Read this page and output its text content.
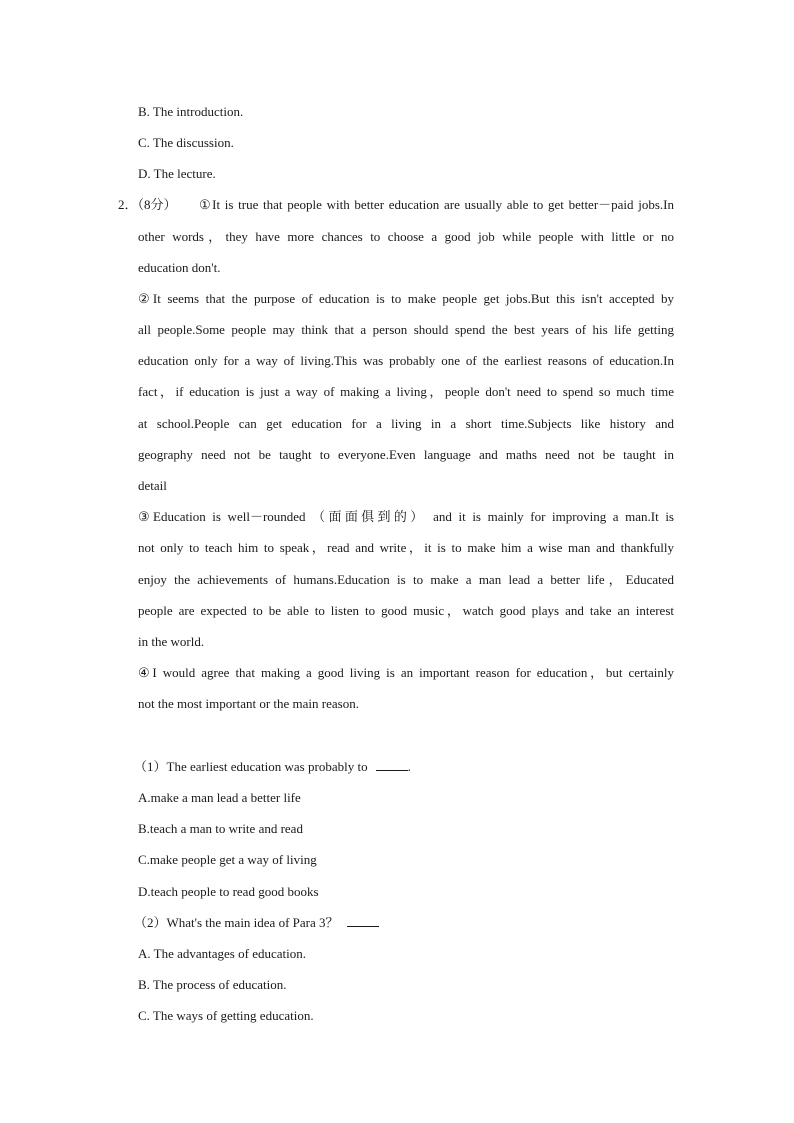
B. The introduction.
C. The discussion.
D. The lecture.
2．（8分） ①It is true that people with better education are usually able to get better－paid jobs.In
other words，they have more chances to choose a good job while people with little or no
education don't.
②It seems that the purpose of education is to make people get jobs.But this isn't accepted by
all people.Some people may think that a person should spend the best years of his life getting
education only for a way of living.This was probably one of the earliest reasons of education.In
fact，if education is just a way of making a living，people don't need to spend so much time
at school.People can get education for a living in a short time.Subjects like history and
geography need not be taught to everyone.Even language and maths need not be taught in
detail
③Education is well－rounded （面面俱到的） and it is mainly for improving a man.It is
not only to teach him to speak，read and write，it is to make him a wise man and thankfully
enjoy the achievements of humans.Education is to make a man lead a better life，Educated
people are expected to be able to listen to good music，watch good plays and take an interest
in the world.
④I would agree that making a good living is an important reason for education，but certainly
not the most important or the main reason.
（1）The earliest education was probably to	.
A.make a man lead a better life
B.teach a man to write and read
C.make people get a way of living
D.teach people to read good books
（2）What's the main idea of Para 3？
A. The advantages of education.
B. The process of education.
C. The ways of getting education.
